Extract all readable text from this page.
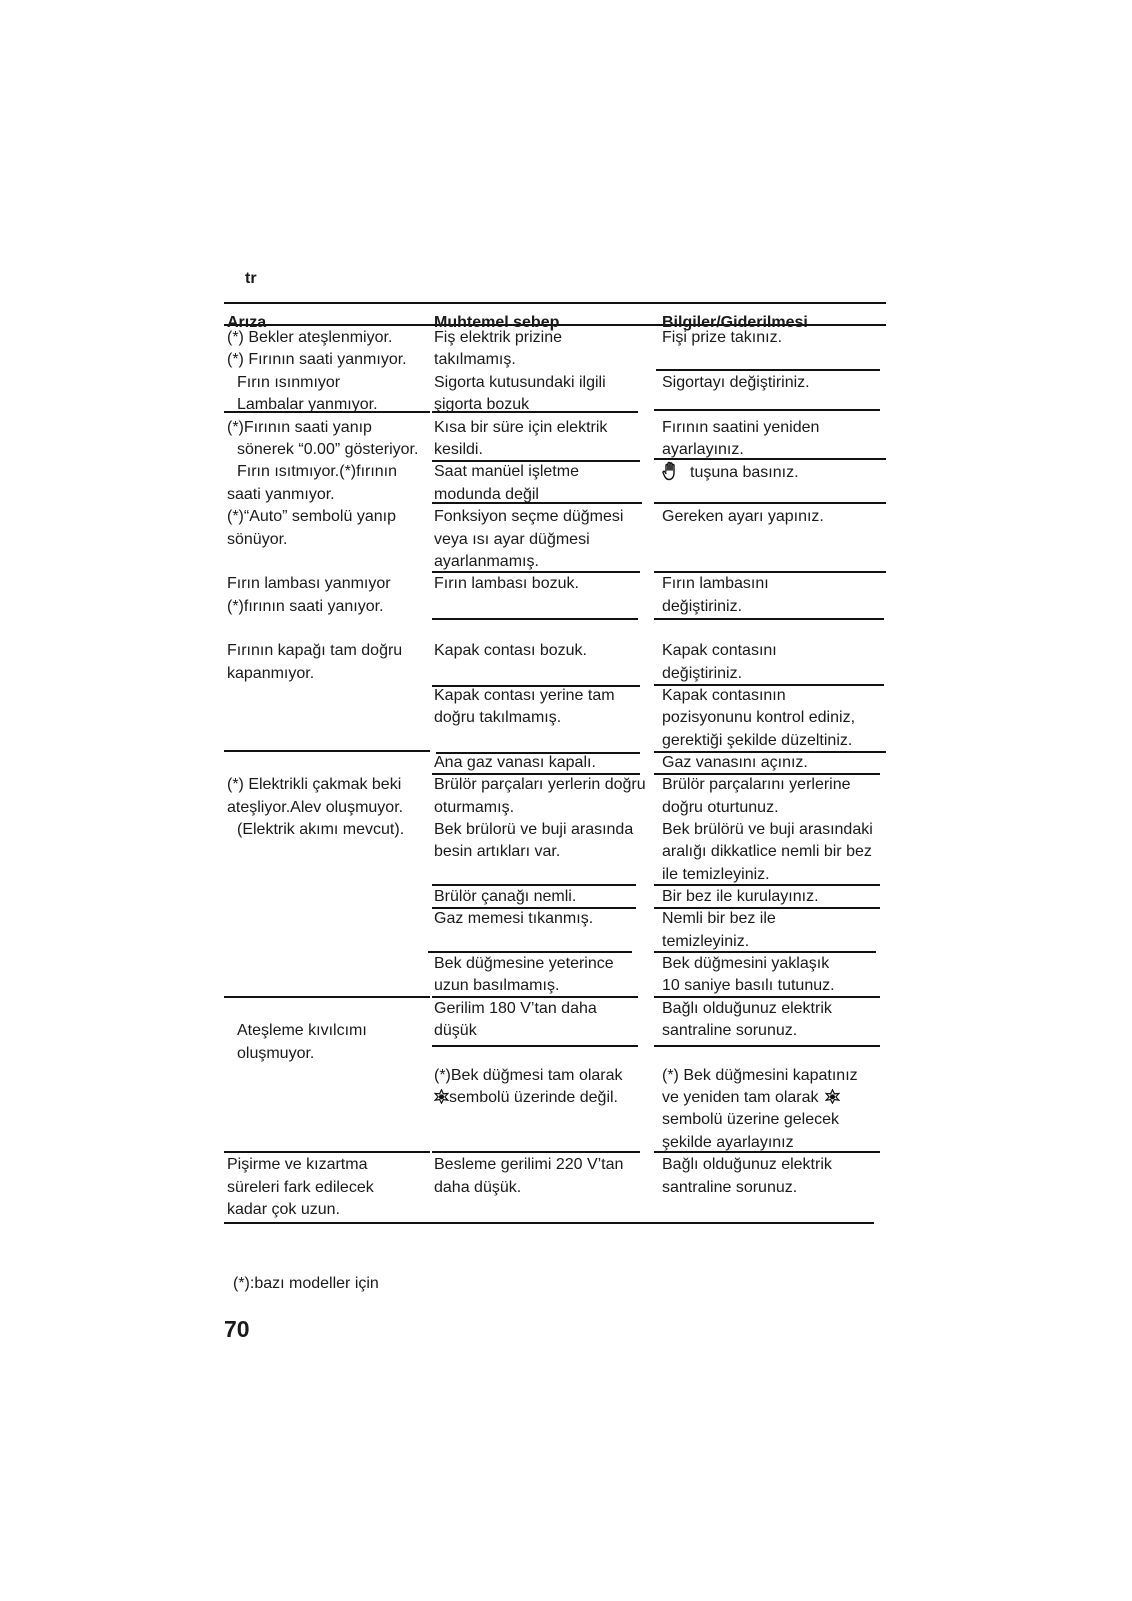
tr
Arıza	Muhtemel sebep	Bilgiler/Giderilmesi
(*) Bekler ateşlenmiyor.
(*) Fırının saati yanmıyor.
Fırın ısınmıyor
Lambalar yanmıyor.
(*)Fırının saati yanıp
sönerek “0.00” gösteriyor.
Fırın ısıtmıyor.(*)fırının
saati yanmıyor.
(*)“Auto” sembolü yanıp
sönüyor.
Fırın lambası yanmıyor
(*)fırının saati yanıyor.
Fırının kapağı tam doğru
kapanmıyor.
(*) Elektrikli çakmak beki
ateşliyor.Alev oluşmuyor.
(Elektrik akımı mevcut).
Ateşleme kıvılcımı
oluşmuyor.
Pişirme ve kızartma
süreleri fark edilecek
kadar çok uzun.
Fiş elektrik prizine
takılmamış.
Sigorta kutusundaki ilgili
şigorta bozuk
Kısa bir süre için elektrik
kesildi.
Saat manüel işletme
modunda değil
Fonksiyon seçme düğmesi
veya ısı ayar düğmesi
ayarlanmamış.
Fırın lambası bozuk.
Kapak contası bozuk.
Kapak contası yerine tam
doğru takılmamış.
Ana gaz vanası kapalı.
Brülör parçaları yerlerin doğru
oturmamış.
Bek brülorü ve buji arasında
besin artıkları var.
Brülör çanağı nemli.
Gaz memesi tıkanmış.
Bek düğmesine yeterince
uzun basılmamış.
Gerilim 180 V’tan daha
düşük
(*)Bek düğmesi tam olarak
sembolü üzerinde değil.
Besleme gerilimi 220 V’tan
daha düşük.
Fişi prize takınız.
Sigortayı değiştiriniz.
Fırının saatini yeniden
ayarlayınız.
tuşuna basınız.
Gereken ayarı yapınız.
Fırın lambasını
değiştiriniz.
Kapak contasını
değiştiriniz.
Kapak contasının
pozisyonunu kontrol ediniz,
gerektiği şekilde düzeltiniz.
Gaz vanasını açınız.
Brülör parçalarını yerlerine
doğru oturtunuz.
Bek brülörü ve buji arasındaki
aralığı dikkatlice nemli bir bez
ile temizleyiniz.
Bir bez ile kurulayınız.
Nemli bir bez ile
temizleyiniz.
Bek düğmesini yaklaşık
10 saniye basılı tutunuz.
Bağlı olduğunuz elektrik
santraline sorunuz.
(*) Bek düğmesini kapatınız
ve yeniden tam olarak
sembolü üzerine gelecek
şekilde ayarlayınız
Bağlı olduğunuz elektrik
santraline sorunuz.
(*):bazı modeller için
70
